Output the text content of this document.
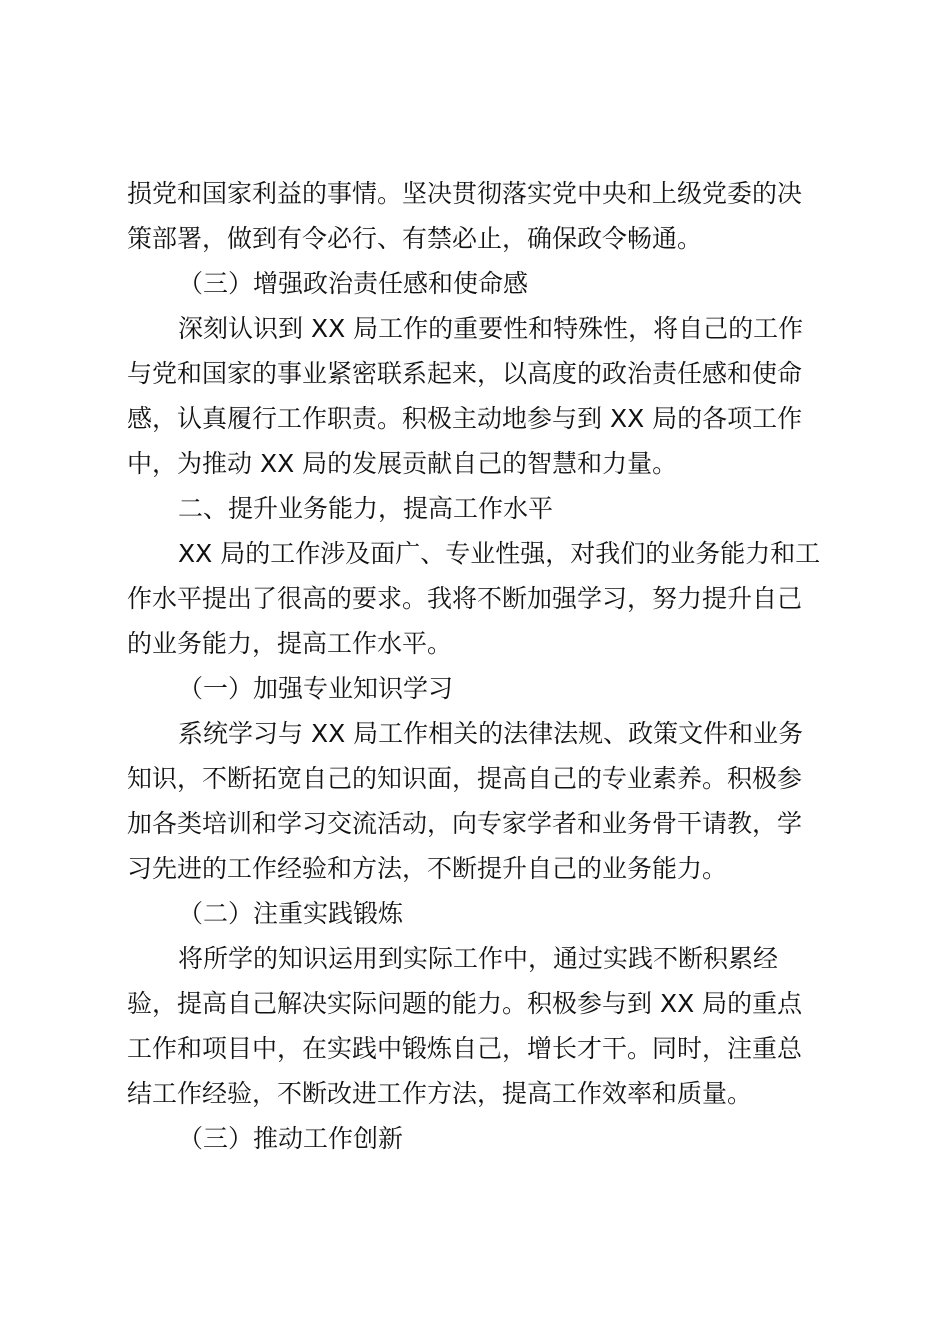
损党和国家利益的事情。坚决贯彻落实党中央和上级党委的决
策部署，做到有令必行、有禁必止，确保政令畅通。
（三）增强政治责任感和使命感
深刻认识到 XX 局工作的重要性和特殊性，将自己的工作
与党和国家的事业紧密联系起来，以高度的政治责任感和使命
感，认真履行工作职责。积极主动地参与到 XX 局的各项工作
中，为推动 XX 局的发展贡献自己的智慧和力量。
二、提升业务能力，提高工作水平
XX 局的工作涉及面广、专业性强，对我们的业务能力和工
作水平提出了很高的要求。我将不断加强学习，努力提升自己
的业务能力，提高工作水平。
（一）加强专业知识学习
系统学习与 XX 局工作相关的法律法规、政策文件和业务
知识，不断拓宽自己的知识面，提高自己的专业素养。积极参
加各类培训和学习交流活动，向专家学者和业务骨干请教，学
习先进的工作经验和方法，不断提升自己的业务能力。
（二）注重实践锻炼
将所学的知识运用到实际工作中，通过实践不断积累经
验，提高自己解决实际问题的能力。积极参与到 XX 局的重点
工作和项目中，在实践中锻炼自己，增长才干。同时，注重总
结工作经验，不断改进工作方法，提高工作效率和质量。
（三）推动工作创新
